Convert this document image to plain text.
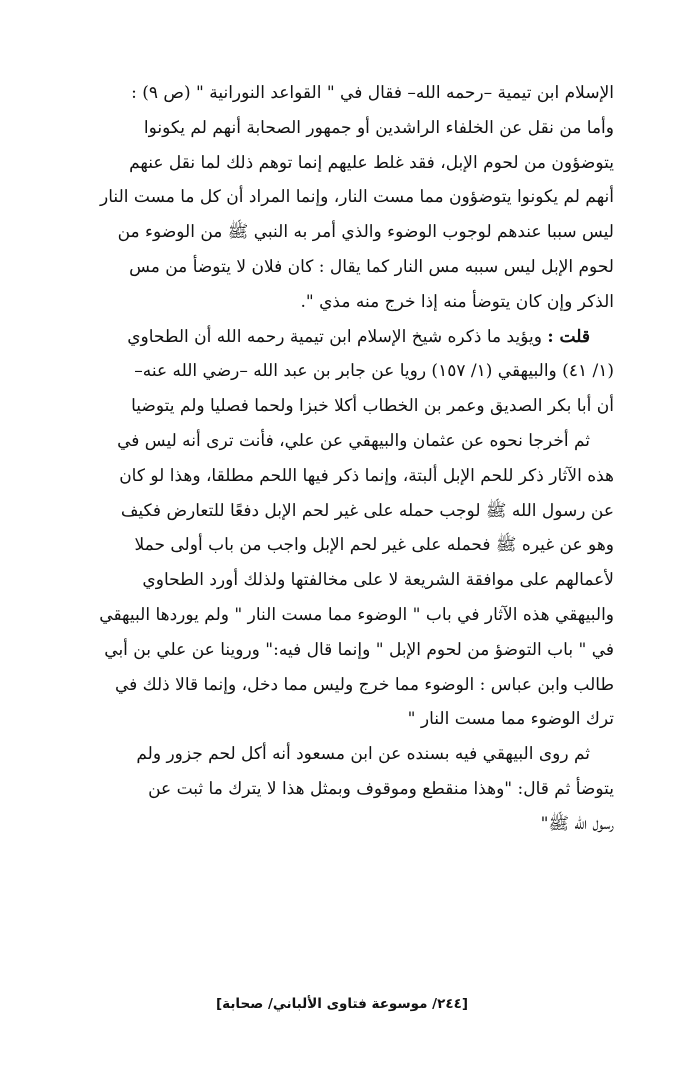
الإسلام ابن تيمية –رحمه الله– فقال في " القواعد النورانية " (ص ٩) :
وأما من نقل عن الخلفاء الراشدين أو جمهور الصحابة أنهم لم يكونوا
يتوضؤون من لحوم الإبل، فقد غلط عليهم إنما توهم ذلك لما نقل عنهم
أنهم لم يكونوا يتوضؤون مما مست النار، وإنما المراد أن كل ما مست النار
ليس سببا عندهم لوجوب الوضوء والذي أمر به النبي ﷺ من الوضوء من
لحوم الإبل ليس سببه مس النار كما يقال : كان فلان لا يتوضأ من مس
الذكر وإن كان يتوضأ منه إذا خرج منه مذي ".

قلت : ويؤيد ما ذكره شيخ الإسلام ابن تيمية رحمه الله أن الطحاوي
(١/ ٤١) والبيهقي (١/ ١٥٧) رويا عن جابر بن عبد الله –رضي الله عنه–
أن أبا بكر الصديق وعمر بن الخطاب أكلا خبزا ولحما فصليا ولم يتوضيا

ثم أخرجا نحوه عن عثمان والبيهقي عن علي، فأنت ترى أنه ليس في
هذه الآثار ذكر للحم الإبل ألبتة، وإنما ذكر فيها اللحم مطلقا، وهذا لو كان
عن رسول الله ﷺ لوجب حمله على غير لحم الإبل دفعًا للتعارض فكيف
وهو عن غيره ﷺ فحمله على غير لحم الإبل واجب من باب أولى حملا
لأعمالهم على موافقة الشريعة لا على مخالفتها ولذلك أورد الطحاوي
والبيهقي هذه الآثار في باب " الوضوء مما مست النار " ولم يوردها البيهقي
في " باب التوضؤ من لحوم الإبل " وإنما قال فيه:" وروينا عن علي بن أبي
طالب وابن عباس : الوضوء مما خرج وليس مما دخل، وإنما قالا ذلك في
ترك الوضوء مما مست النار "

ثم روى البيهقي فيه بسنده عن ابن مسعود أنه أكل لحم جزور ولم
يتوضأ ثم قال: "وهذا منقطع وموقوف وبمثل هذا لا يترك ما ثبت عن
رسول الله ﷺ"

[٢٤٤/ موسوعة فتاوى الألباني/ صحابة]
